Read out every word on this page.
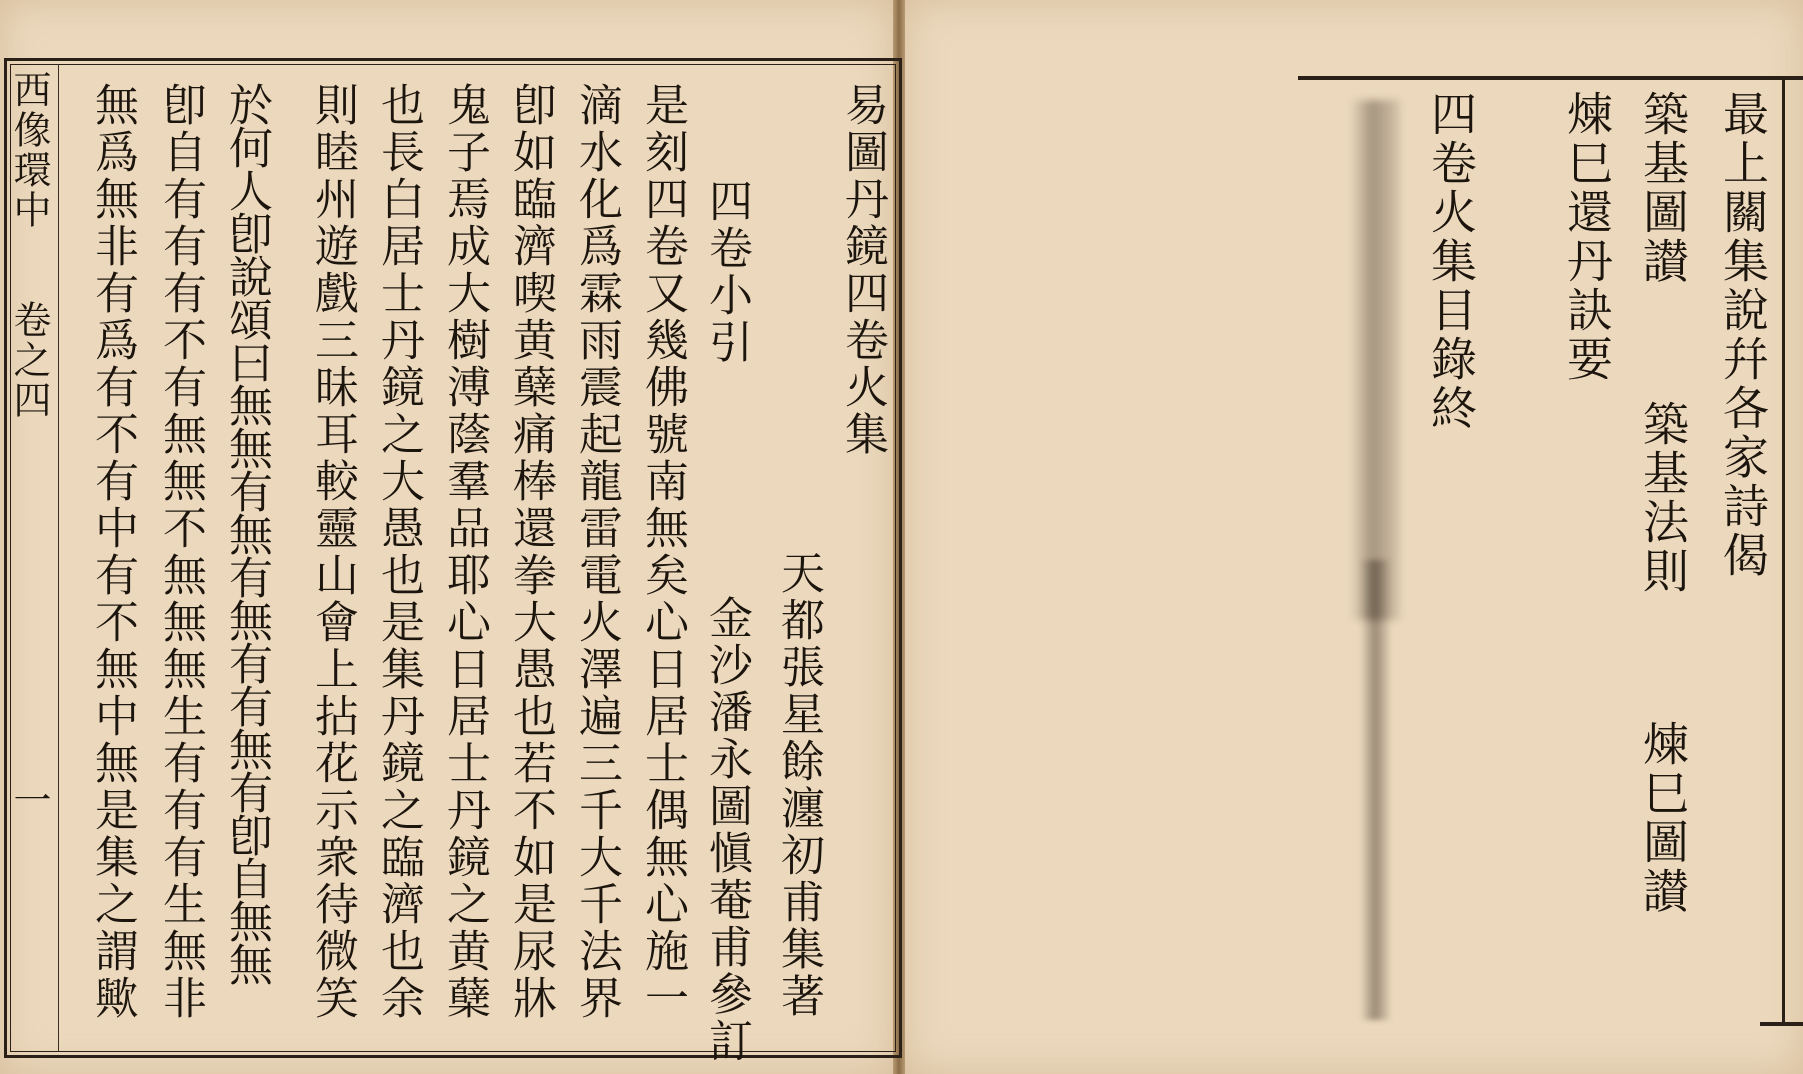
西像環中
卷之四
一
易圖丹鏡四卷火集
天都張星餘瀍初甫集著
四卷小引
金沙潘永圖愼菴甫參訂
是刻四卷又幾佛號南無矣心日居士偶無心施一
滴水化爲霖雨震起龍雷電火澤遍三千大千法界
卽如臨濟喫黄蘖痛棒還拳大愚也若不如是尿牀
鬼子焉成大樹溥蔭羣品耶心日居士丹鏡之黄蘖
也長白居士丹鏡之大愚也是集丹鏡之臨濟也余
則睦州遊戲三昧耳較靈山會上拈花示衆待微笑
於何人卽說頌曰無無有無有無有有無有卽自無無
卽自有有有不有無無不無無無生有有有生無非
無爲無非有爲有不有中有不無中無是集之謂歟	最上關集說幷各家詩偈
築基圖讃
築基法則
煉巳圖讃
煉巳還丹訣要
四卷火集目錄終
